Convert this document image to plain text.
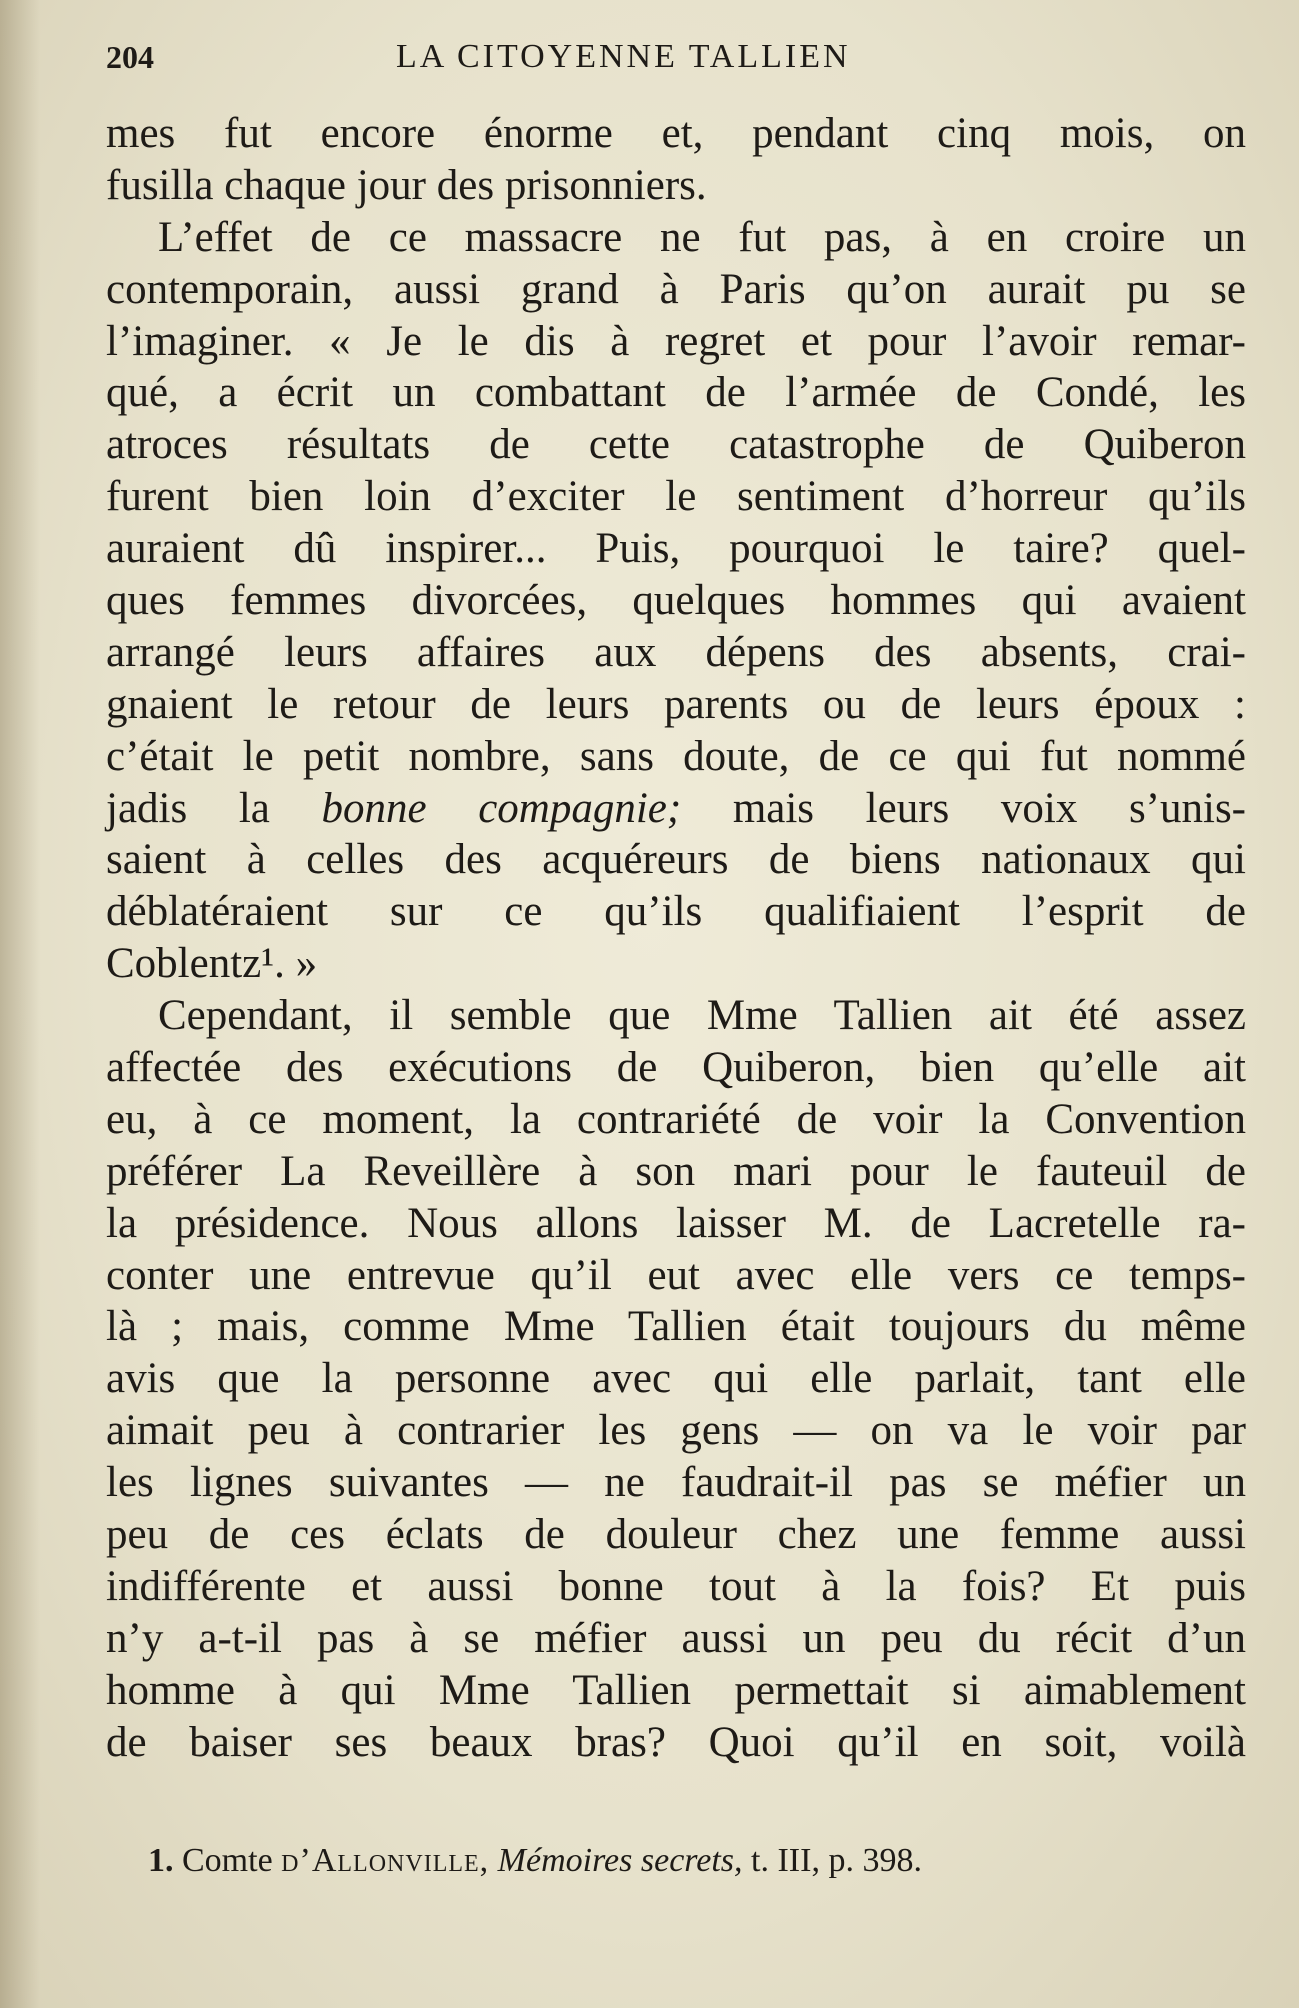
204	LA CITOYENNE TALLIEN
mes fut encore énorme et, pendant cinq mois, on
fusilla chaque jour des prisonniers.
L’effet de ce massacre ne fut pas, à en croire un
contemporain, aussi grand à Paris qu’on aurait pu se
l’imaginer. « Je le dis à regret et pour l’avoir remar-
qué, a écrit un combattant de l’armée de Condé, les
atroces résultats de cette catastrophe de Quiberon
furent bien loin d’exciter le sentiment d’horreur qu’ils
auraient dû inspirer... Puis, pourquoi le taire? quel-
ques femmes divorcées, quelques hommes qui avaient
arrangé leurs affaires aux dépens des absents, crai-
gnaient le retour de leurs parents ou de leurs époux :
c’était le petit nombre, sans doute, de ce qui fut nommé
jadis la bonne compagnie; mais leurs voix s’unis-
saient à celles des acquéreurs de biens nationaux qui
déblatéraient sur ce qu’ils qualifiaient l’esprit de
Coblentz¹. »
Cependant, il semble que Mme Tallien ait été assez
affectée des exécutions de Quiberon, bien qu’elle ait
eu, à ce moment, la contrariété de voir la Convention
préférer La Reveillère à son mari pour le fauteuil de
la présidence. Nous allons laisser M. de Lacretelle ra-
conter une entrevue qu’il eut avec elle vers ce temps-
là ; mais, comme Mme Tallien était toujours du même
avis que la personne avec qui elle parlait, tant elle
aimait peu à contrarier les gens — on va le voir par
les lignes suivantes — ne faudrait-il pas se méfier un
peu de ces éclats de douleur chez une femme aussi
indifférente et aussi bonne tout à la fois? Et puis
n’y a-t-il pas à se méfier aussi un peu du récit d’un
homme à qui Mme Tallien permettait si aimablement
de baiser ses beaux bras? Quoi qu’il en soit, voilà
1. Comte d’Allonville, Mémoires secrets, t. III, p. 398.
